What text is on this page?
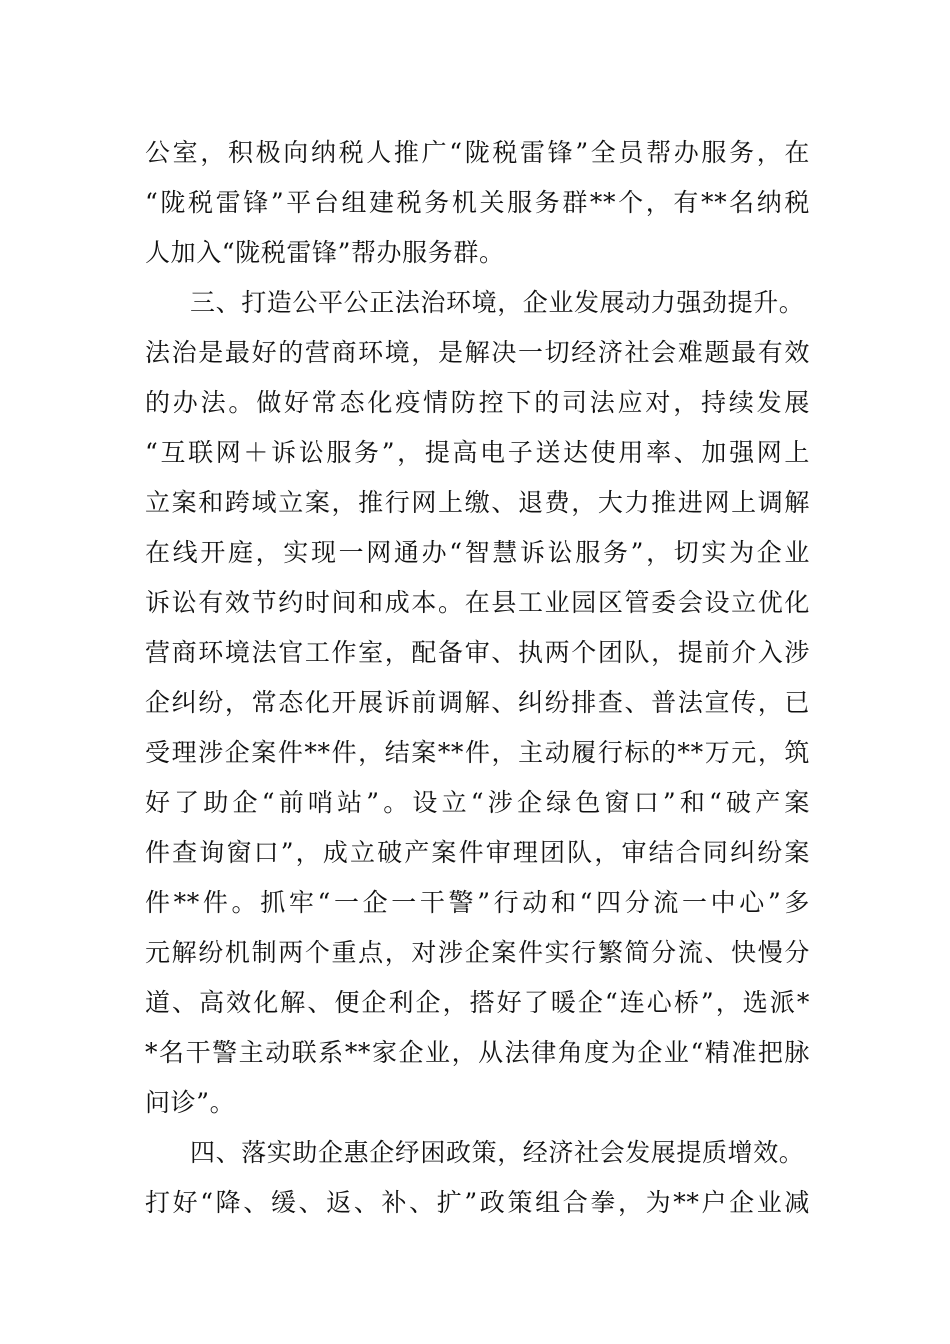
公室，积极向纳税人推广“陇税雷锋”全员帮办服务，在
“陇税雷锋”平台组建税务机关服务群**个，有**名纳税
人加入“陇税雷锋”帮办服务群。
三、打造公平公正法治环境，企业发展动力强劲提升。
法治是最好的营商环境，是解决一切经济社会难题最有效
的办法。做好常态化疫情防控下的司法应对，持续发展
“互联网＋诉讼服务”，提高电子送达使用率、加强网上
立案和跨域立案，推行网上缴、退费，大力推进网上调解
在线开庭，实现一网通办“智慧诉讼服务”，切实为企业
诉讼有效节约时间和成本。在县工业园区管委会设立优化
营商环境法官工作室，配备审、执两个团队，提前介入涉
企纠纷，常态化开展诉前调解、纠纷排查、普法宣传，已
受理涉企案件**件，结案**件，主动履行标的**万元，筑
好了助企“前哨站”。设立“涉企绿色窗口”和“破产案
件查询窗口”，成立破产案件审理团队，审结合同纠纷案
件**件。抓牢“一企一干警”行动和“四分流一中心”多
元解纷机制两个重点，对涉企案件实行繁简分流、快慢分
道、高效化解、便企利企，搭好了暖企“连心桥”，选派*
*名干警主动联系**家企业，从法律角度为企业“精准把脉
问诊”。
四、落实助企惠企纾困政策，经济社会发展提质增效。
打好“降、缓、返、补、扩”政策组合拳，为**户企业减
